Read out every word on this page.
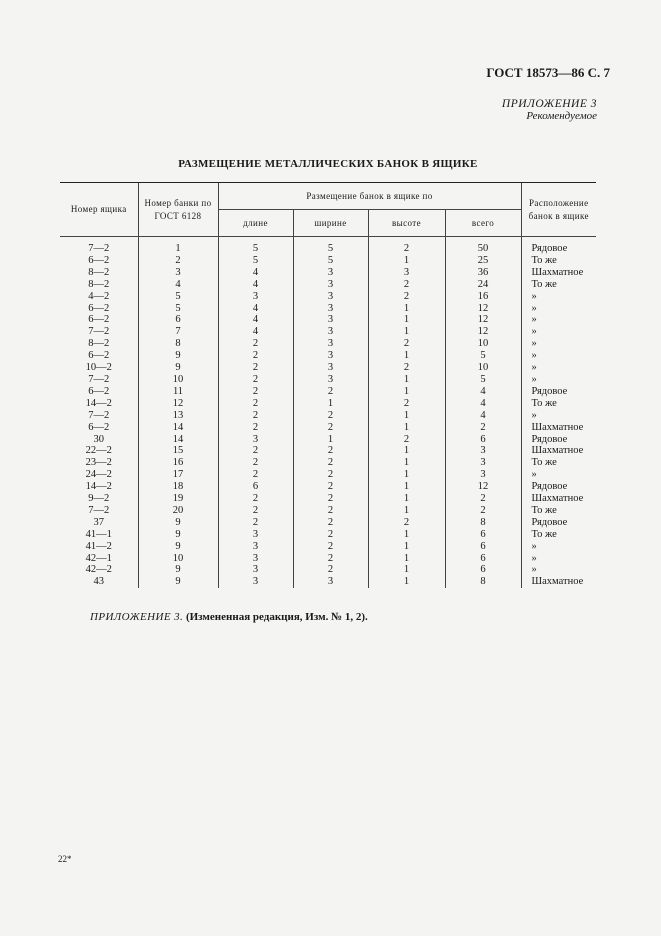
ГОСТ 18573—86 С. 7
ПРИЛОЖЕНИЕ 3
Рекомендуемое
РАЗМЕЩЕНИЕ МЕТАЛЛИЧЕСКИХ БАНОК В ЯЩИКЕ
Номер ящика	Номер банки по ГОСТ 6128	Размещение банок в ящике по				Расположение банок в ящике
		длине	ширине	высоте	всего	

7—2	1	5	5	2	50	Рядовое
6—2	2	5	5	1	25	То же
8—2	3	4	3	3	36	Шахматное
8—2	4	4	3	2	24	То же
4—2	5	3	3	2	16	»
6—2	5	4	3	1	12	»
6—2	6	4	3	1	12	»
7—2	7	4	3	1	12	»
8—2	8	2	3	2	10	»
6—2	9	2	3	1	5	»
10—2	9	2	3	2	10	»
7—2	10	2	3	1	5	»
6—2	11	2	2	1	4	Рядовое
14—2	12	2	1	2	4	То же
7—2	13	2	2	1	4	»
6—2	14	2	2	1	2	Шахматное
30	14	3	1	2	6	Рядовое
22—2	15	2	2	1	3	Шахматное
23—2	16	2	2	1	3	То же
24—2	17	2	2	1	3	»
14—2	18	6	2	1	12	Рядовое
9—2	19	2	2	1	2	Шахматное
7—2	20	2	2	1	2	То же
37	9	2	2	2	8	Рядовое
41—1	9	3	2	1	6	То же
41—2	9	3	2	1	6	»
42—1	10	3	2	1	6	»
42—2	9	3	2	1	6	»
43	9	3	3	1	8	Шахматное
ПРИЛОЖЕНИЕ 3. (Измененная редакция, Изм. № 1, 2).
22*
